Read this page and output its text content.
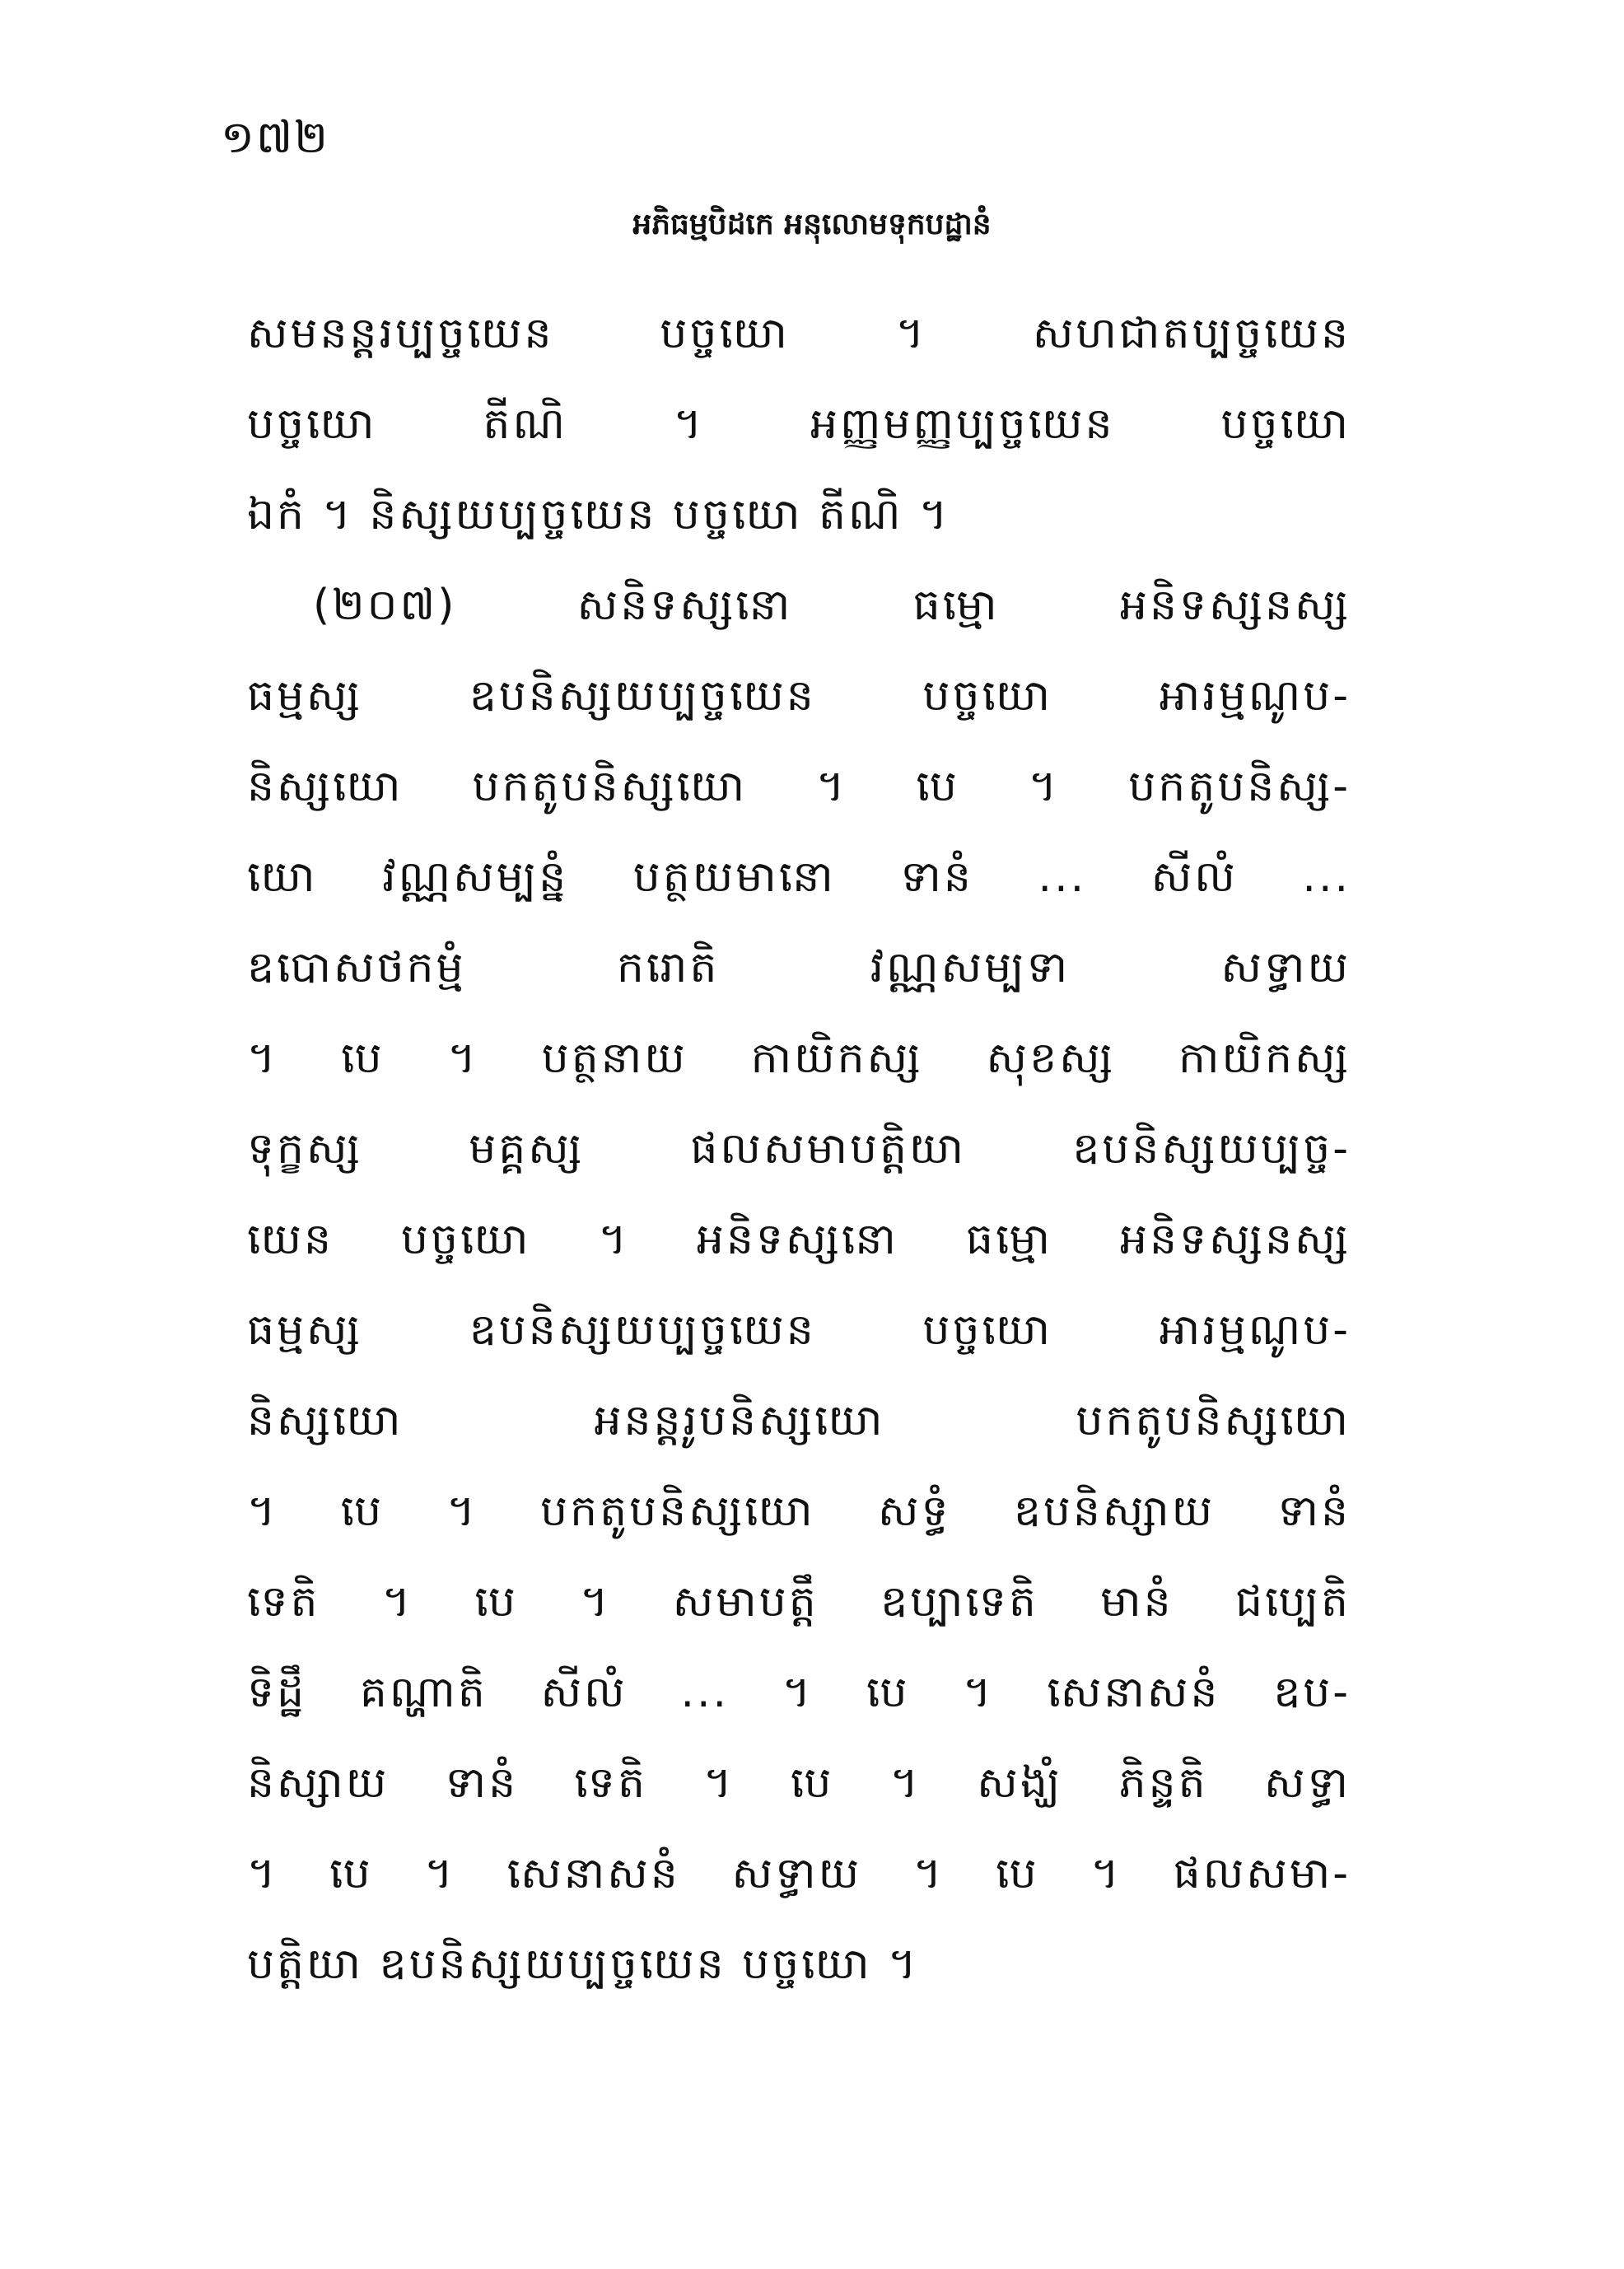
១៧២
អភិធម្មបិដកេ អនុលោមទុកបដ្ឋានំ
សមនន្តរប្បច្ចយេន បច្ចយោ ។ សហជាតប្បច្ចយេន
បច្ចយោ តីណិ ។ អញ្ញមញ្ញប្បច្ចយេន បច្ចយោ
ឯកំ ។ និស្សយប្បច្ចយេន បច្ចយោ តីណិ ។
(២០៧) សនិទស្សនោ ធម្មោ អនិទស្សនស្ស
ធម្មស្ស ឧបនិស្សយប្បច្ចយេន បច្ចយោ អារម្មណូប-
និស្សយោ បកតូបនិស្សយោ ។ បេ ។ បកតូបនិស្ស-
យោ វណ្ណសម្បន្នំ បត្ថយមានោ ទានំ ... សីលំ ...
ឧបោសថកម្មំ ករោតិ វណ្ណសម្បទា សទ្ធាយ
។ បេ ។ បត្ថនាយ កាយិកស្ស សុខស្ស កាយិកស្ស
ទុក្ខស្ស មគ្គស្ស ផលសមាបត្តិយា ឧបនិស្សយប្បច្ច-
យេន បច្ចយោ ។ អនិទស្សនោ ធម្មោ អនិទស្សនស្ស
ធម្មស្ស ឧបនិស្សយប្បច្ចយេន បច្ចយោ អារម្មណូប-
និស្សយោ អនន្តរូបនិស្សយោ បកតូបនិស្សយោ
។ បេ ។ បកតូបនិស្សយោ សទ្ធំ ឧបនិស្សាយ ទានំ
ទេតិ ។ បេ ។ សមាបត្តឹ ឧប្បាទេតិ មានំ ជប្បេតិ
ទិដ្ឋឹ គណ្ហាតិ សីលំ ... ។ បេ ។ សេនាសនំ ឧប-
និស្សាយ ទានំ ទេតិ ។ បេ ។ សង្ឃំ ភិន្ទតិ សទ្ធា
។ បេ ។ សេនាសនំ សទ្ធាយ ។ បេ ។ ផលសមា-
បត្តិយា ឧបនិស្សយប្បច្ចយេន បច្ចយោ ។
